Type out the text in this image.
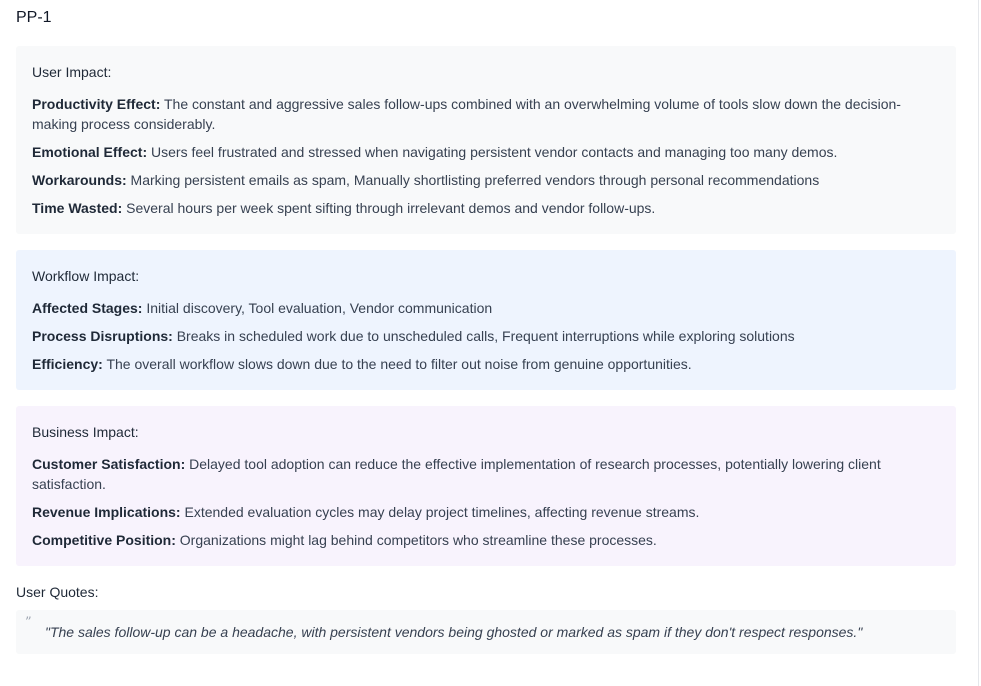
PP-1
User Impact:
Productivity Effect: The constant and aggressive sales follow-ups combined with an overwhelming volume of tools slow down the decision-making process considerably.
Emotional Effect: Users feel frustrated and stressed when navigating persistent vendor contacts and managing too many demos.
Workarounds: Marking persistent emails as spam, Manually shortlisting preferred vendors through personal recommendations
Time Wasted: Several hours per week spent sifting through irrelevant demos and vendor follow-ups.
Workflow Impact:
Affected Stages: Initial discovery, Tool evaluation, Vendor communication
Process Disruptions: Breaks in scheduled work due to unscheduled calls, Frequent interruptions while exploring solutions
Efficiency: The overall workflow slows down due to the need to filter out noise from genuine opportunities.
Business Impact:
Customer Satisfaction: Delayed tool adoption can reduce the effective implementation of research processes, potentially lowering client satisfaction.
Revenue Implications: Extended evaluation cycles may delay project timelines, affecting revenue streams.
Competitive Position: Organizations might lag behind competitors who streamline these processes.
User Quotes:
”
"The sales follow-up can be a headache, with persistent vendors being ghosted or marked as spam if they don't respect responses."
